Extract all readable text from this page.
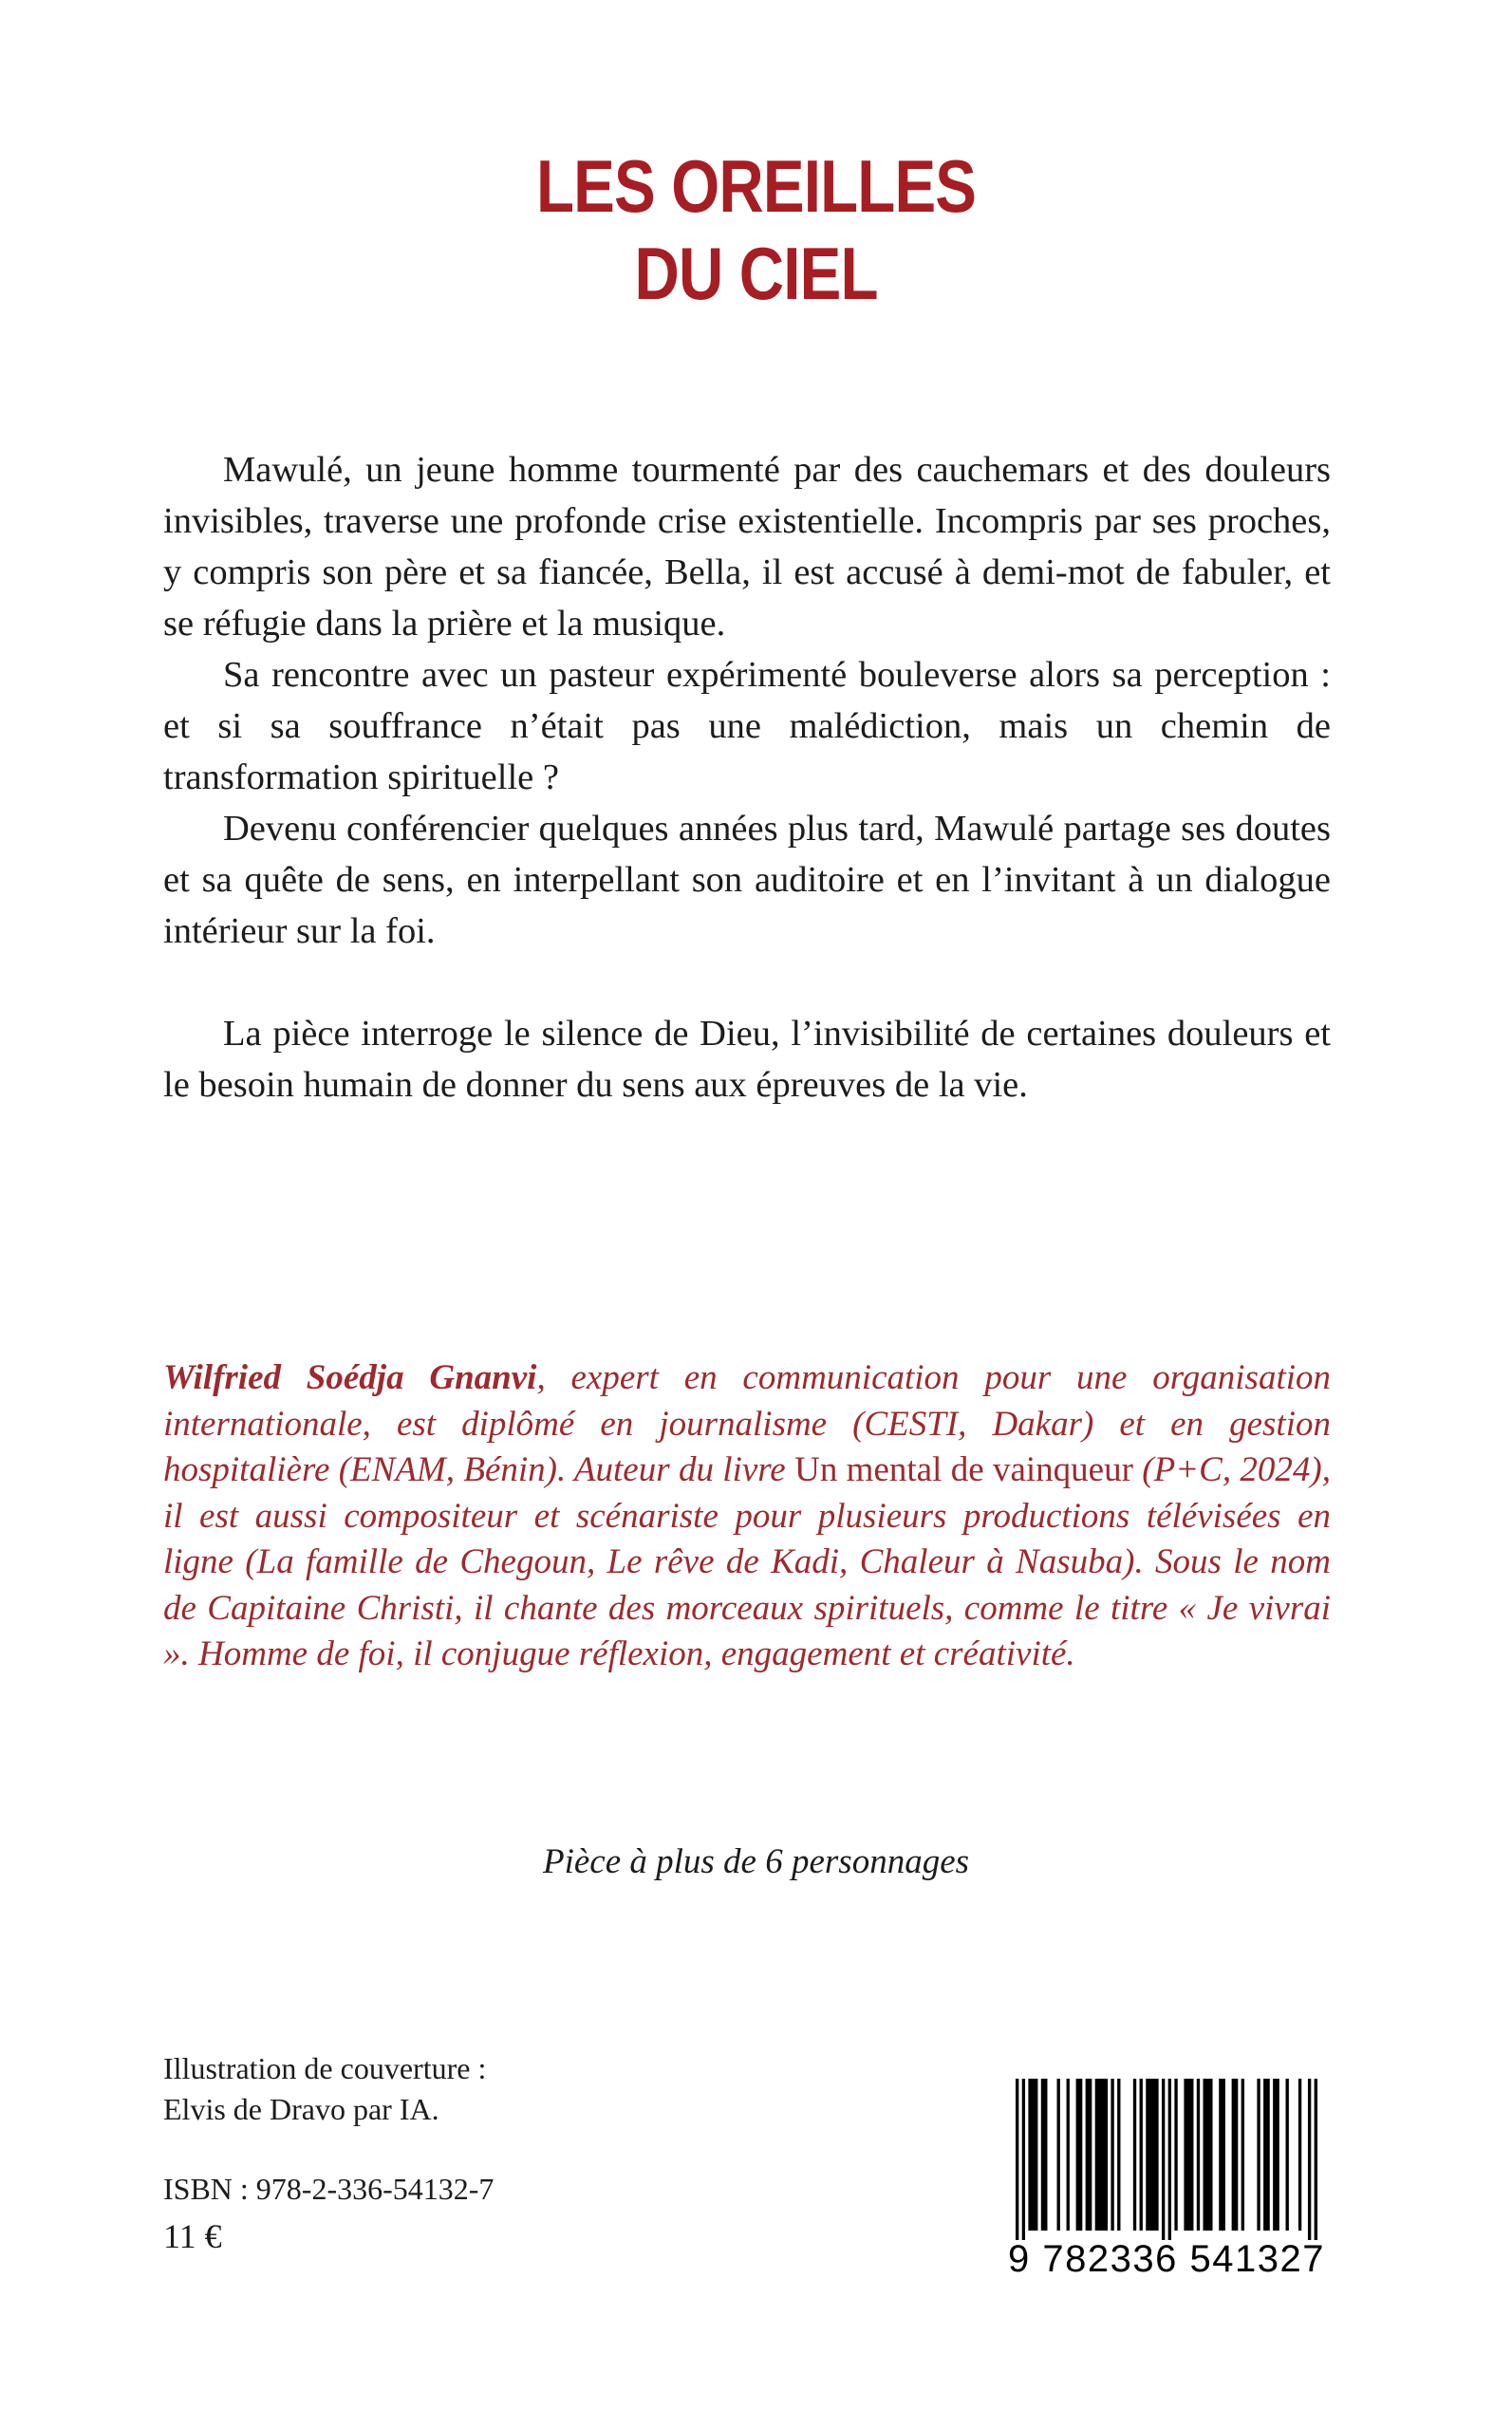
LES OREILLES
DU CIEL

Mawulé, un jeune homme tourmenté par des cauchemars et des douleurs invisibles, traverse une profonde crise existentielle. Incompris par ses proches, y compris son père et sa fiancée, Bella, il est accusé à demi-mot de fabuler, et se réfugie dans la prière et la musique.

Sa rencontre avec un pasteur expérimenté bouleverse alors sa perception : et si sa souffrance n’était pas une malédiction, mais un chemin de transformation spirituelle ?

Devenu conférencier quelques années plus tard, Mawulé partage ses doutes et sa quête de sens, en interpellant son auditoire et en l’invitant à un dialogue intérieur sur la foi.

La pièce interroge le silence de Dieu, l’invisibilité de certaines douleurs et le besoin humain de donner du sens aux épreuves de la vie.

Wilfried Soédja Gnanvi, expert en communication pour une organisation internationale, est diplômé en journalisme (CESTI, Dakar) et en gestion hospitalière (ENAM, Bénin). Auteur du livre Un mental de vainqueur (P+C, 2024), il est aussi compositeur et scénariste pour plusieurs productions télévisées en ligne (La famille de Chegoun, Le rêve de Kadi, Chaleur à Nasuba). Sous le nom de Capitaine Christi, il chante des morceaux spirituels, comme le titre « Je vivrai ». Homme de foi, il conjugue réflexion, engagement et créativité.
Pièce à plus de 6 personnages
Illustration de couverture :
Elvis de Dravo par IA.
ISBN : 978-2-336-54132-7
11 €
9 782336 541327
